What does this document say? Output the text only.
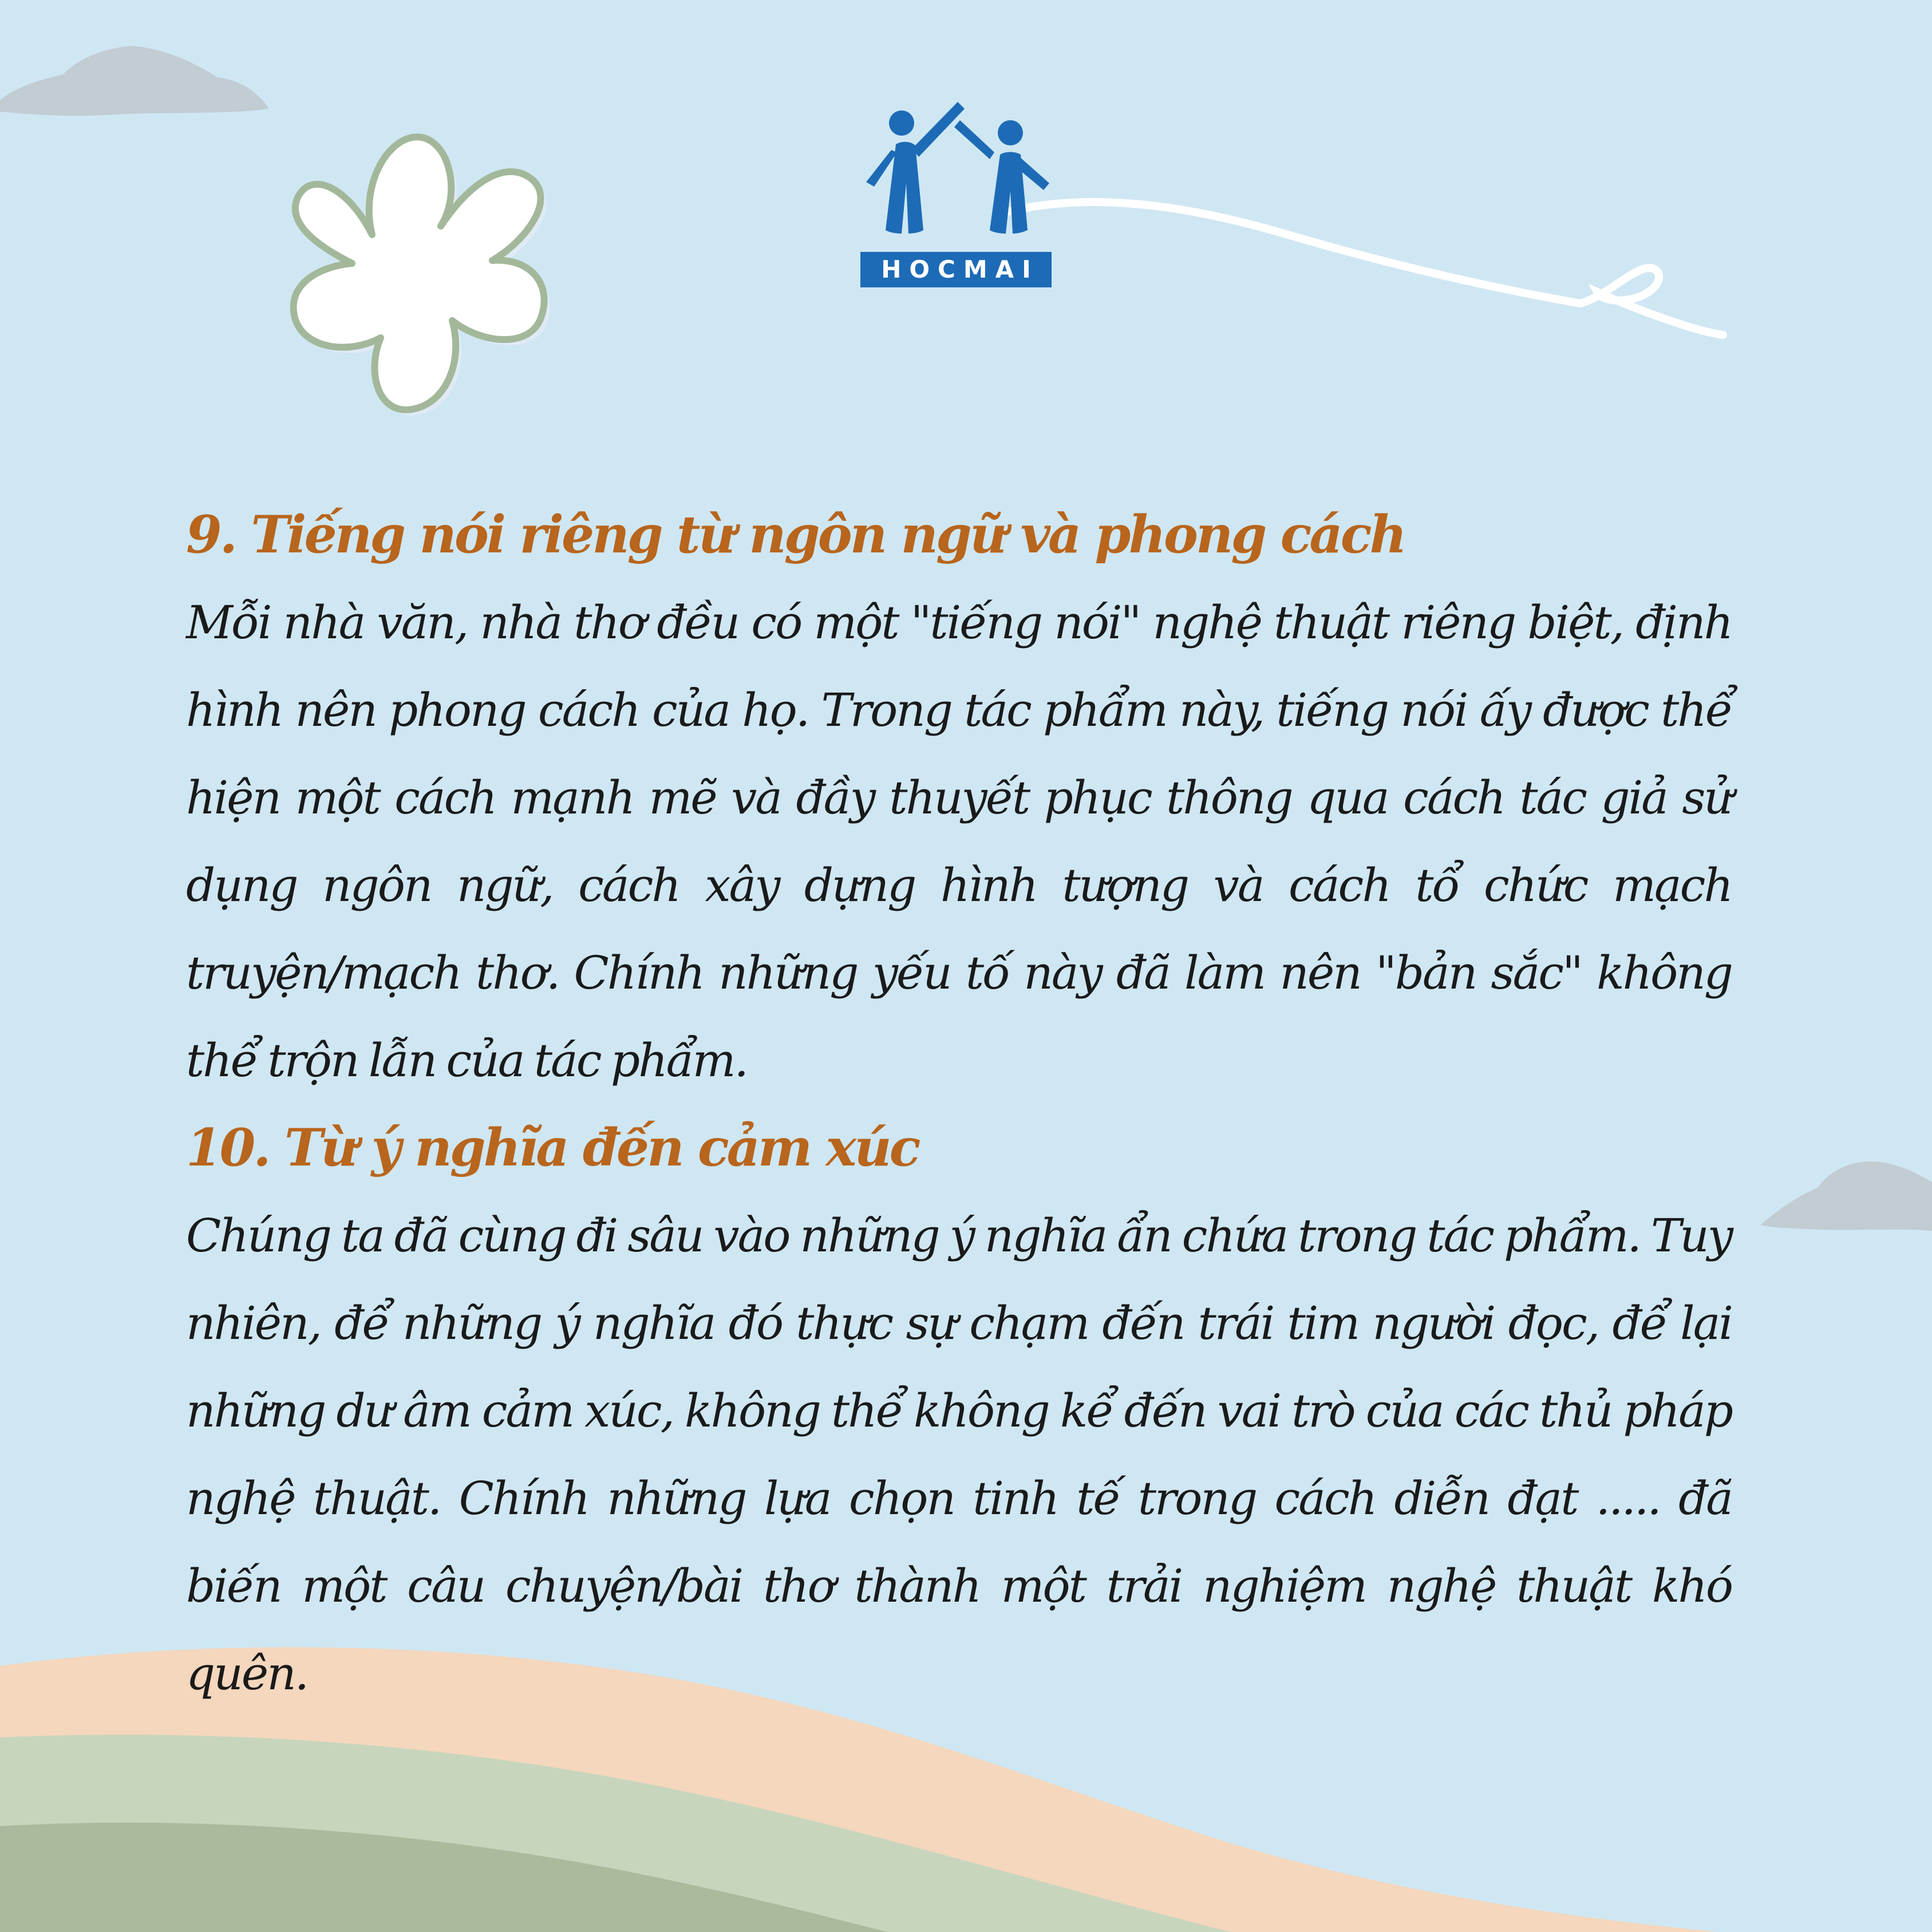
HOCMAI
9. Tiếng nói riêng từ ngôn ngữ và phong cách

Mỗi nhà văn, nhà thơ đều có một "tiếng nói" nghệ thuật riêng biệt, định hình nên phong cách của họ. Trong tác phẩm này, tiếng nói ấy được thể hiện một cách mạnh mẽ và đầy thuyết phục thông qua cách tác giả sử dụng ngôn ngữ, cách xây dựng hình tượng và cách tổ chức mạch truyện/mạch thơ. Chính những yếu tố này đã làm nên "bản sắc" không thể trộn lẫn của tác phẩm.

10. Từ ý nghĩa đến cảm xúc

Chúng ta đã cùng đi sâu vào những ý nghĩa ẩn chứa trong tác phẩm. Tuy nhiên, để những ý nghĩa đó thực sự chạm đến trái tim người đọc, để lại những dư âm cảm xúc, không thể không kể đến vai trò của các thủ pháp nghệ thuật. Chính những lựa chọn tinh tế trong cách diễn đạt ..... đã biến một câu chuyện/bài thơ thành một trải nghiệm nghệ thuật khó quên.
